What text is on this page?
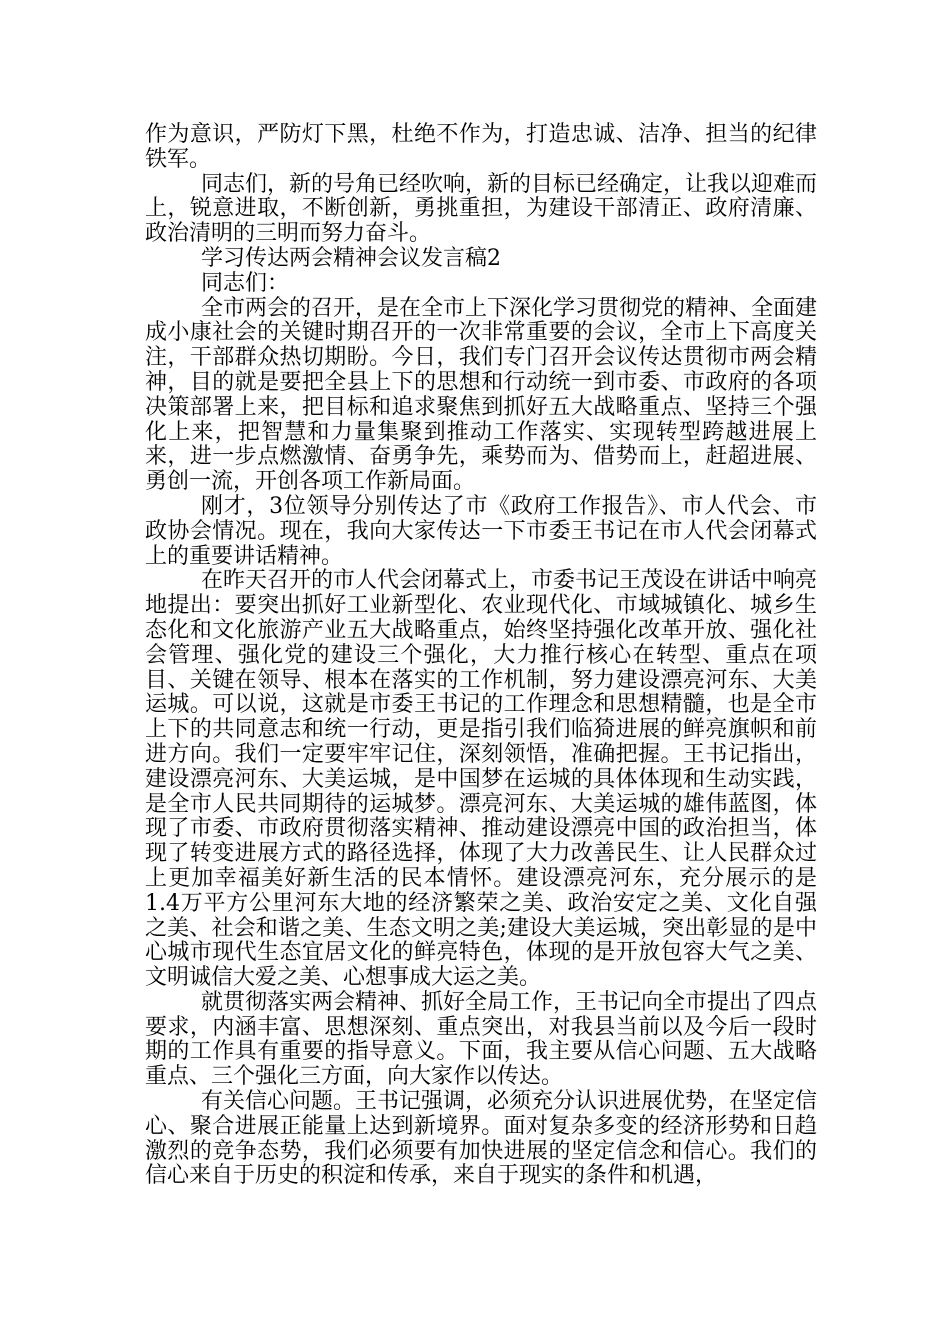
作为意识，严防灯下黑，杜绝不作为，打造忠诚、洁净、担当的纪律铁军。

同志们，新的号角已经吹响，新的目标已经确定，让我以迎难而上，锐意进取，不断创新，勇挑重担，为建设干部清正、政府清廉、政治清明的三明而努力奋斗。

学习传达两会精神会议发言稿2

同志们：

全市两会的召开，是在全市上下深化学习贯彻党的精神、全面建成小康社会的关键时期召开的一次非常重要的会议，全市上下高度关注，干部群众热切期盼。今日，我们专门召开会议传达贯彻市两会精神，目的就是要把全县上下的思想和行动统一到市委、市政府的各项决策部署上来，把目标和追求聚焦到抓好五大战略重点、坚持三个强化上来，把智慧和力量集聚到推动工作落实、实现转型跨越进展上来，进一步点燃激情、奋勇争先，乘势而为、借势而上，赶超进展、勇创一流，开创各项工作新局面。

刚才，3位领导分别传达了市《政府工作报告》、市人代会、市政协会情况。现在，我向大家传达一下市委王书记在市人代会闭幕式上的重要讲话精神。

在昨天召开的市人代会闭幕式上，市委书记王茂设在讲话中响亮地提出：要突出抓好工业新型化、农业现代化、市域城镇化、城乡生态化和文化旅游产业五大战略重点，始终坚持强化改革开放、强化社会管理、强化党的建设三个强化，大力推行核心在转型、重点在项目、关键在领导、根本在落实的工作机制，努力建设漂亮河东、大美运城。可以说，这就是市委王书记的工作理念和思想精髓，也是全市上下的共同意志和统一行动，更是指引我们临猗进展的鲜亮旗帜和前进方向。我们一定要牢牢记住，深刻领悟，准确把握。王书记指出，建设漂亮河东、大美运城，是中国梦在运城的具体体现和生动实践，是全市人民共同期待的运城梦。漂亮河东、大美运城的雄伟蓝图，体现了市委、市政府贯彻落实精神、推动建设漂亮中国的政治担当，体现了转变进展方式的路径选择，体现了大力改善民生、让人民群众过上更加幸福美好新生活的民本情怀。建设漂亮河东，充分展示的是1.4万平方公里河东大地的经济繁荣之美、政治安定之美、文化自强之美、社会和谐之美、生态文明之美;建设大美运城，突出彰显的是中心城市现代生态宜居文化的鲜亮特色，体现的是开放包容大气之美、文明诚信大爱之美、心想事成大运之美。

就贯彻落实两会精神、抓好全局工作，王书记向全市提出了四点要求，内涵丰富、思想深刻、重点突出，对我县当前以及今后一段时期的工作具有重要的指导意义。下面，我主要从信心问题、五大战略重点、三个强化三方面，向大家作以传达。

有关信心问题。王书记强调，必须充分认识进展优势，在坚定信心、聚合进展正能量上达到新境界。面对复杂多变的经济形势和日趋激烈的竞争态势，我们必须要有加快进展的坚定信念和信心。我们的信心来自于历史的积淀和传承，来自于现实的条件和机遇，
